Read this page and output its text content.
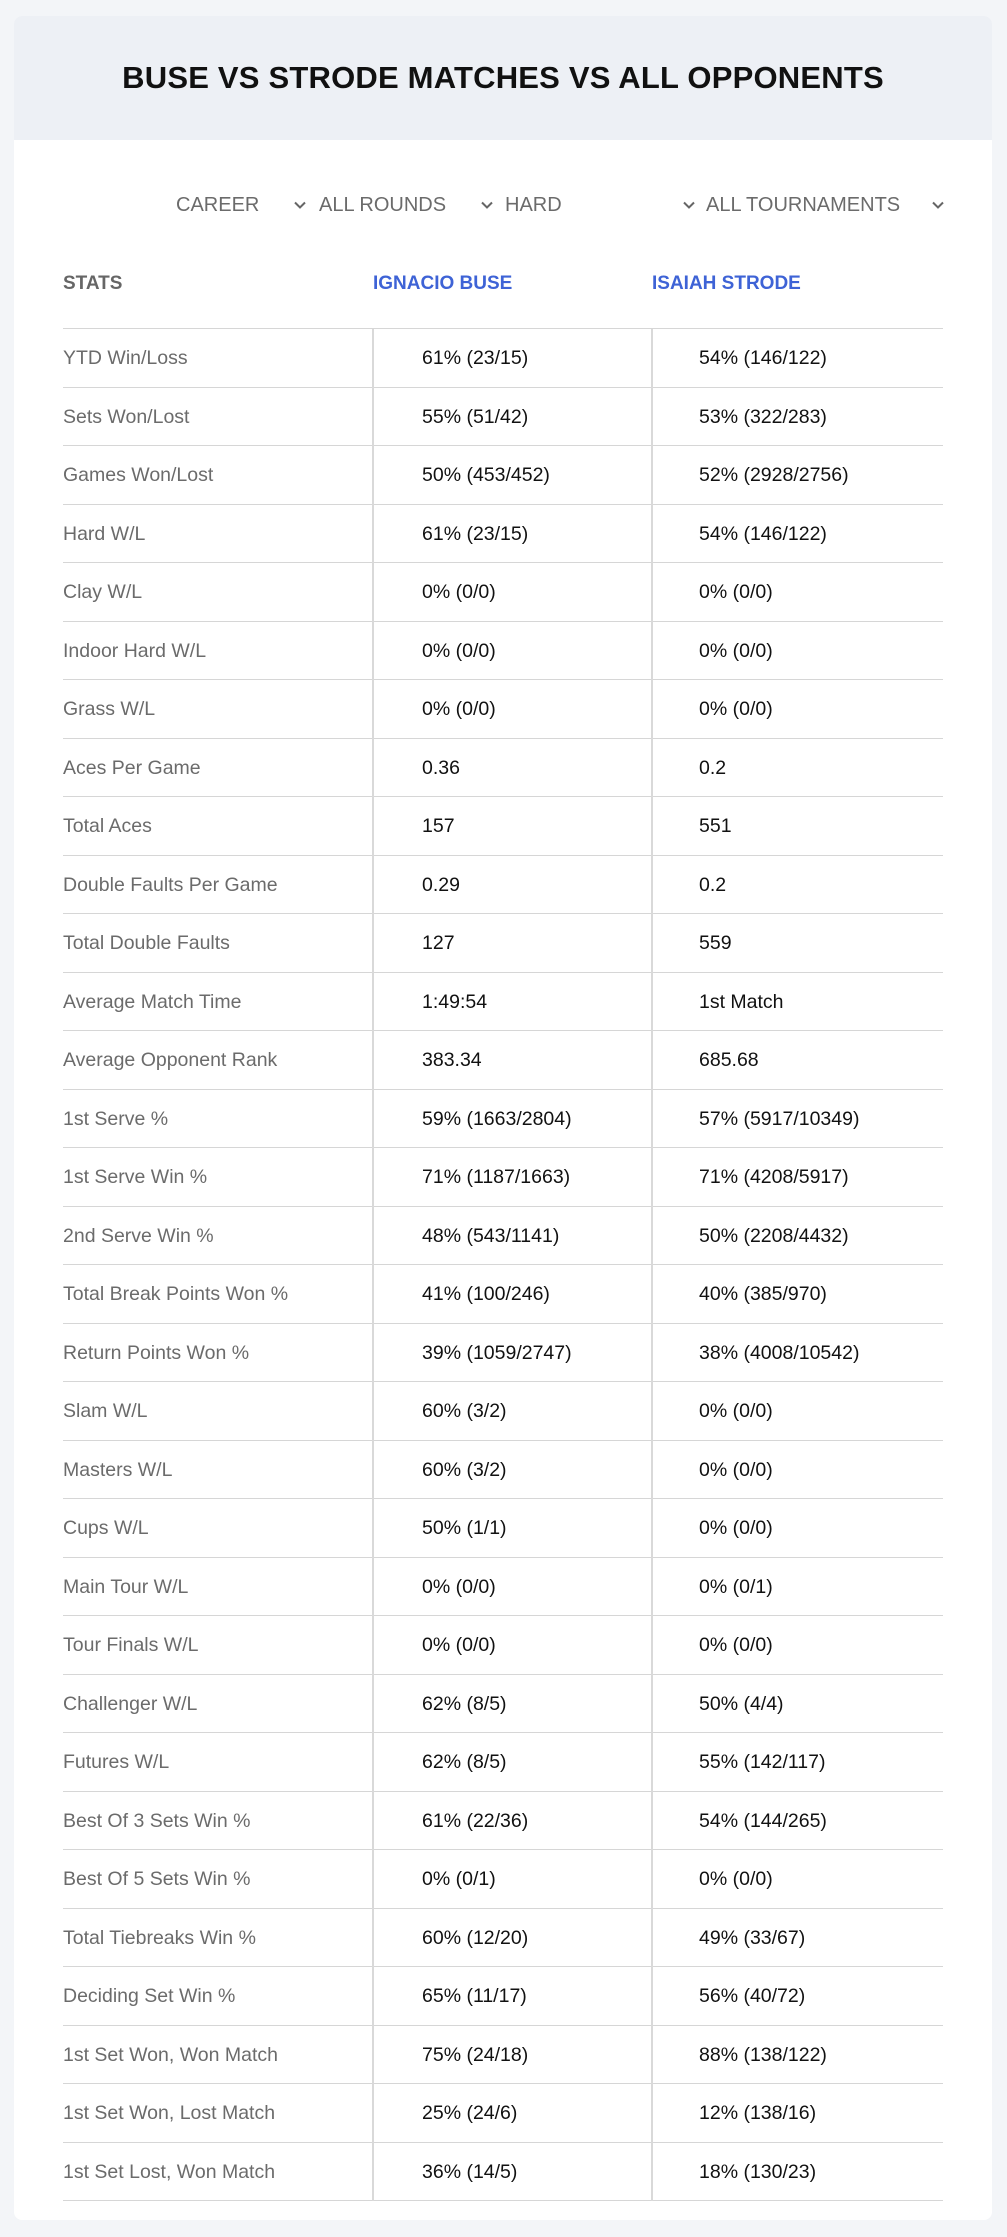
BUSE VS STRODE MATCHES VS ALL OPPONENTS
CAREER	ALL ROUNDS	HARD	ALL TOURNAMENTS
STATS	IGNACIO BUSE	ISAIAH STRODE
YTD Win/Loss	61% (23/15)	54% (146/122)
Sets Won/Lost	55% (51/42)	53% (322/283)
Games Won/Lost	50% (453/452)	52% (2928/2756)
Hard W/L	61% (23/15)	54% (146/122)
Clay W/L	0% (0/0)	0% (0/0)
Indoor Hard W/L	0% (0/0)	0% (0/0)
Grass W/L	0% (0/0)	0% (0/0)
Aces Per Game	0.36	0.2
Total Aces	157	551
Double Faults Per Game	0.29	0.2
Total Double Faults	127	559
Average Match Time	1:49:54	1st Match
Average Opponent Rank	383.34	685.68
1st Serve %	59% (1663/2804)	57% (5917/10349)
1st Serve Win %	71% (1187/1663)	71% (4208/5917)
2nd Serve Win %	48% (543/1141)	50% (2208/4432)
Total Break Points Won %	41% (100/246)	40% (385/970)
Return Points Won %	39% (1059/2747)	38% (4008/10542)
Slam W/L	60% (3/2)	0% (0/0)
Masters W/L	60% (3/2)	0% (0/0)
Cups W/L	50% (1/1)	0% (0/0)
Main Tour W/L	0% (0/0)	0% (0/1)
Tour Finals W/L	0% (0/0)	0% (0/0)
Challenger W/L	62% (8/5)	50% (4/4)
Futures W/L	62% (8/5)	55% (142/117)
Best Of 3 Sets Win %	61% (22/36)	54% (144/265)
Best Of 5 Sets Win %	0% (0/1)	0% (0/0)
Total Tiebreaks Win %	60% (12/20)	49% (33/67)
Deciding Set Win %	65% (11/17)	56% (40/72)
1st Set Won, Won Match	75% (24/18)	88% (138/122)
1st Set Won, Lost Match	25% (24/6)	12% (138/16)
1st Set Lost, Won Match	36% (14/5)	18% (130/23)
